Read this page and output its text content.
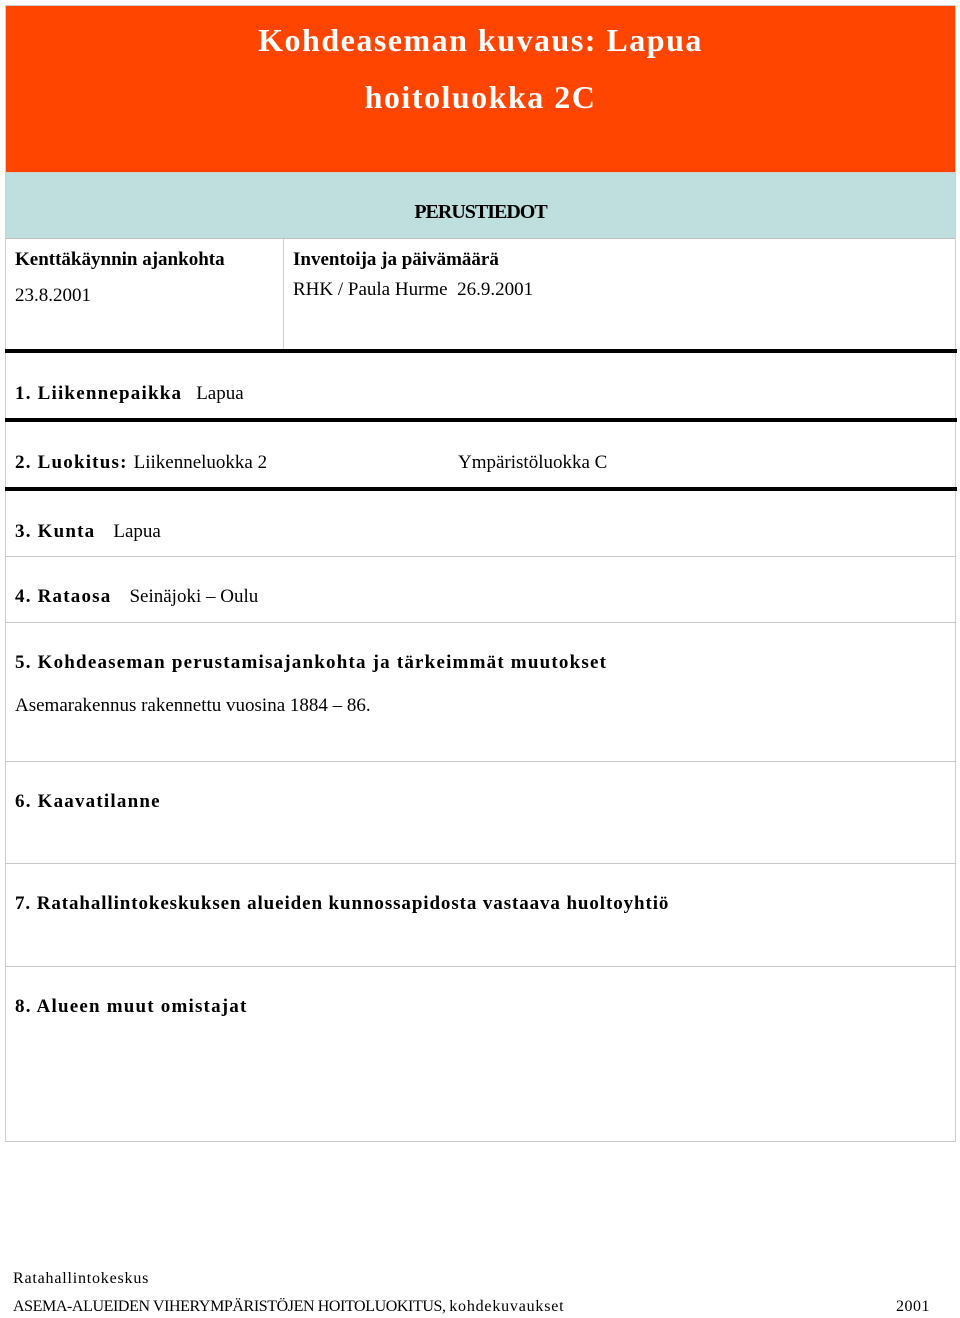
Kohdeaseman kuvaus: Lapua
hoitoluokka 2C
PERUSTIEDOT
Kenttäkäynnin ajankohta
23.8.2001
Inventoija ja päivämäärä
RHK / Paula Hurme  26.9.2001
1. Liikennepaikka Lapua
2. Luokitus: Liikenneluokka 2	Ympäristöluokka C
3. Kunta Lapua
4. Rataosa Seinäjoki – Oulu
5. Kohdeaseman perustamisajankohta ja tärkeimmät muutokset
Asemarakennus rakennettu vuosina 1884 – 86.
6. Kaavatilanne
7. Ratahallintokeskuksen alueiden kunnossapidosta vastaava huoltoyhtiö
8. Alueen muut omistajat
Ratahallintokeskus
ASEMA-ALUEIDEN VIHERYMPÄRISTÖJEN HOITOLUOKITUS, kohdekuvaukset	2001
